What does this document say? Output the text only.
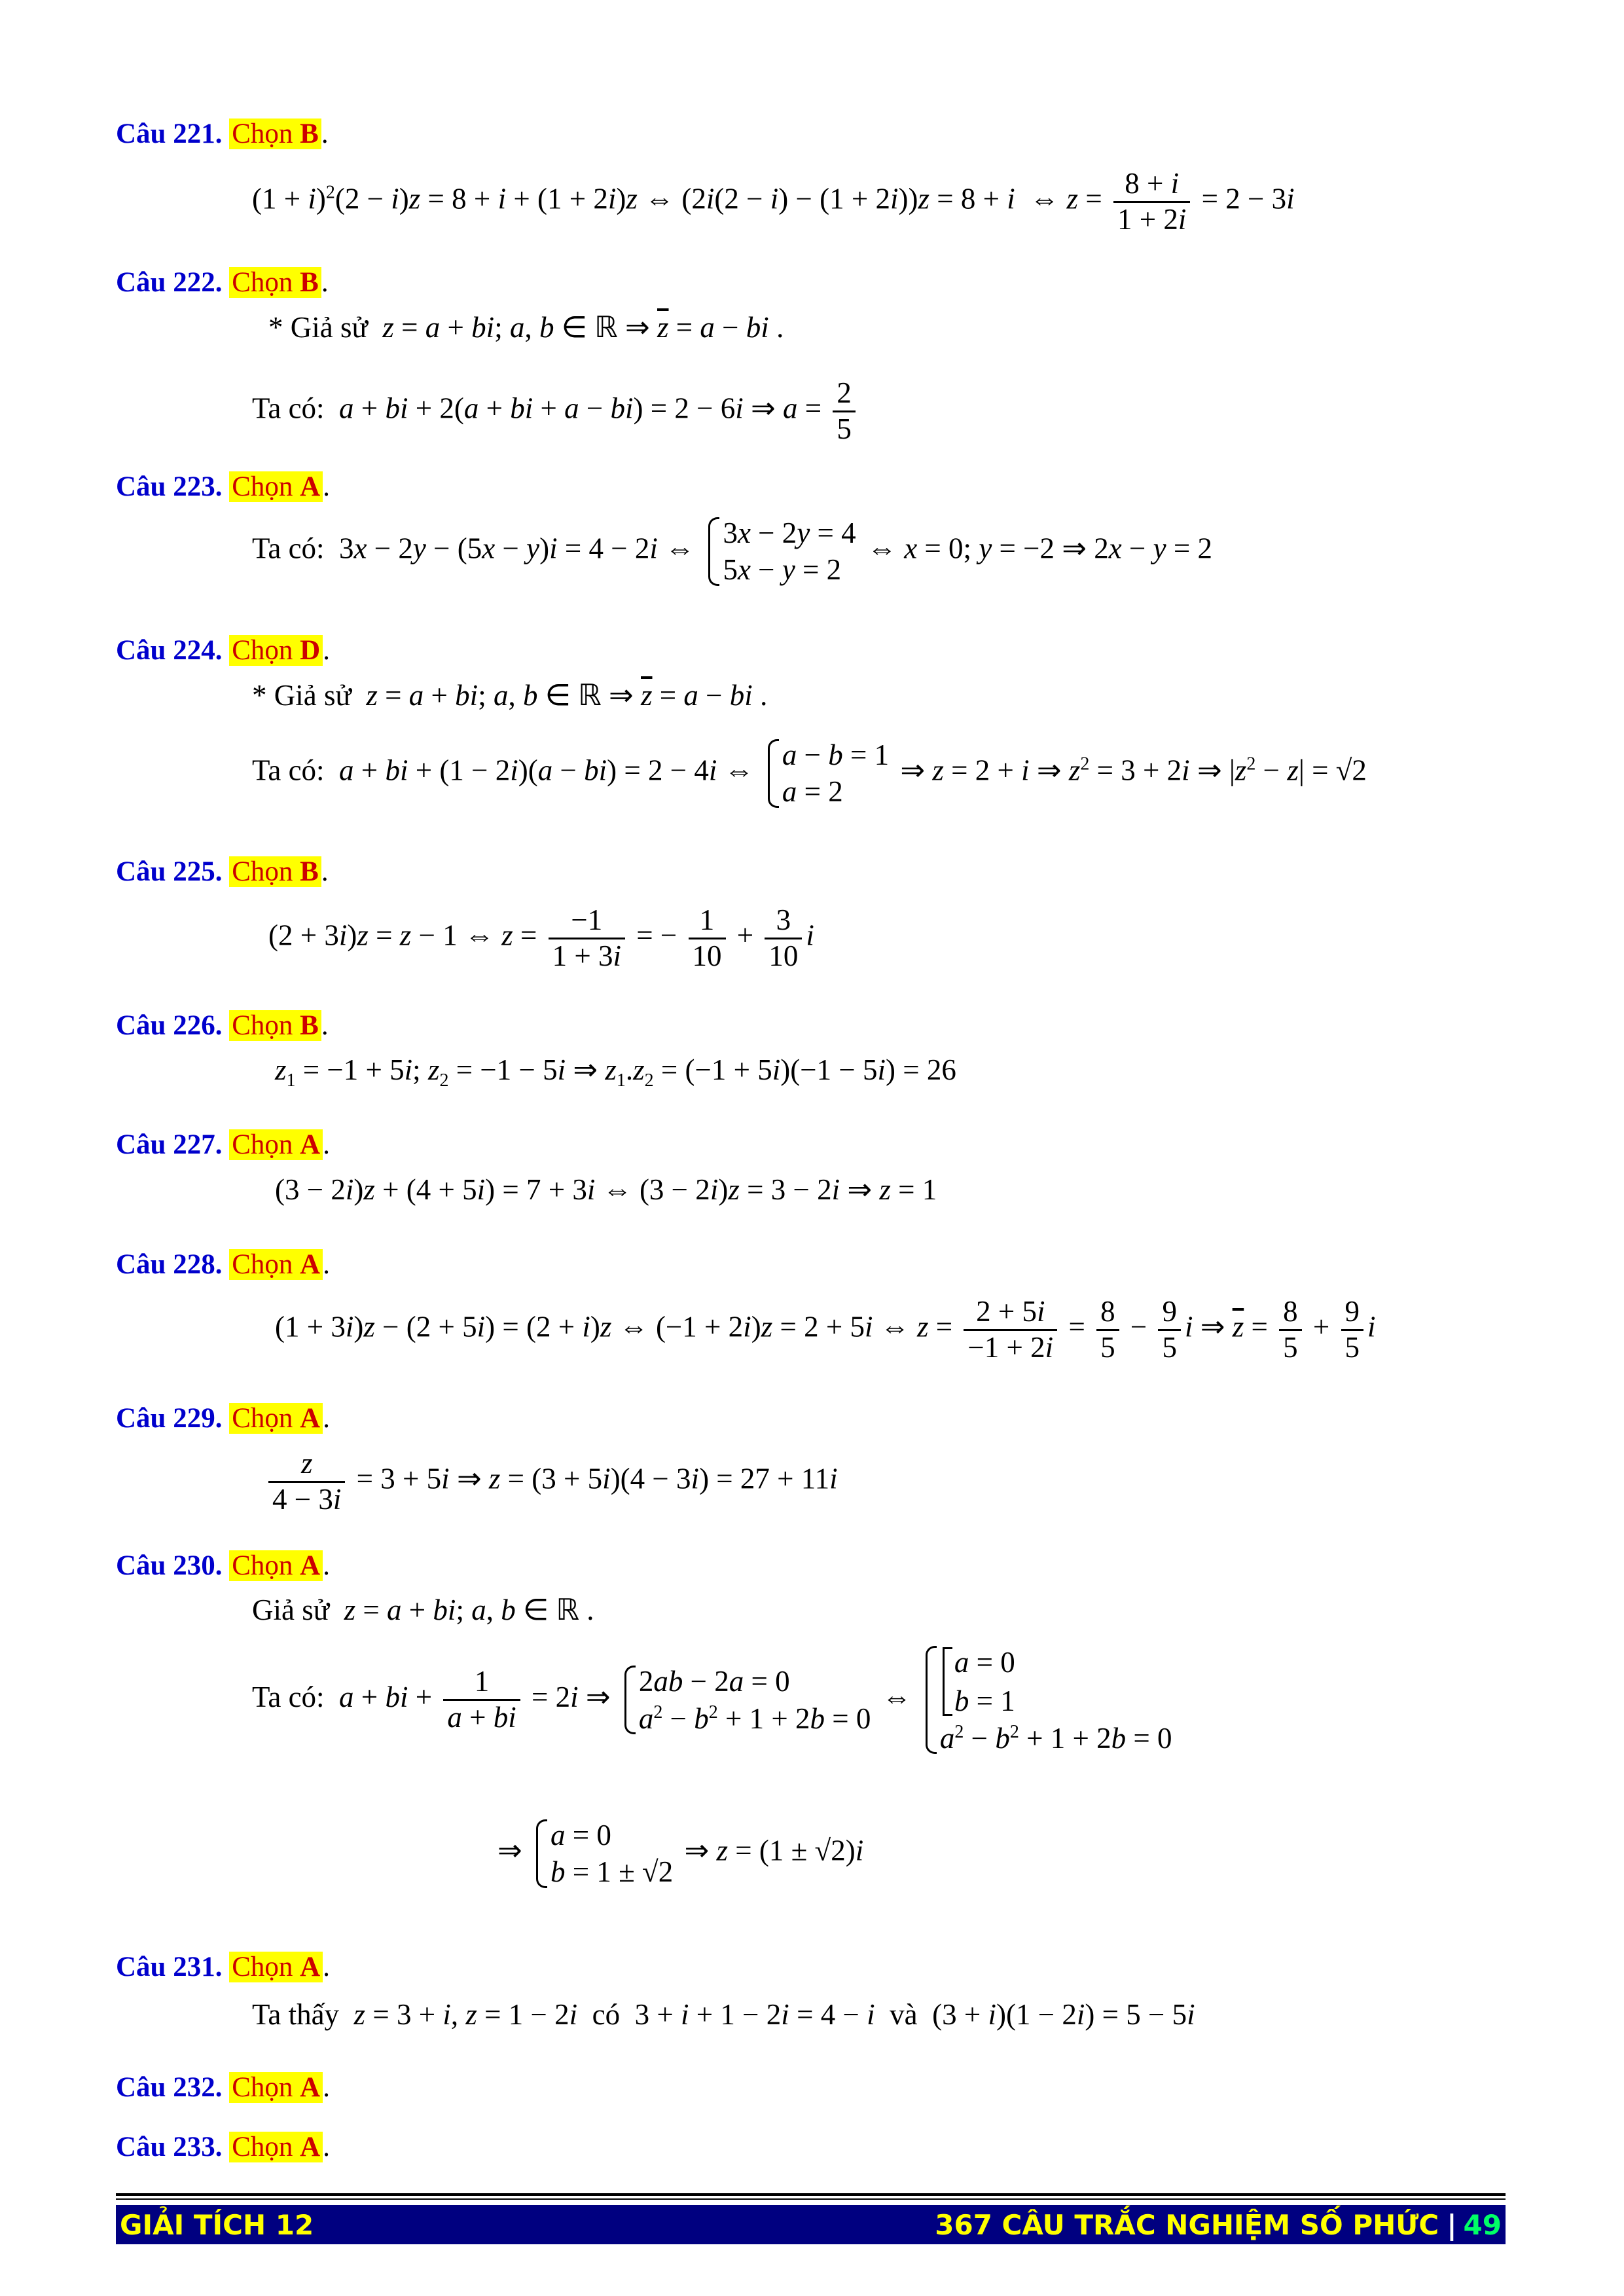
Câu 221. Chọn B.
$(1 + i)^2(2 - i)z = 8 + i + (1 + 2i)z$ ⇔ (2i(2 − i) − (1 + 2i))z = 8 + i  ⇔ $z = \frac{8 + i}{1 + 2i} = 2 - 3i$
Câu 222. Chọn B.
* Giả sử z = a + bi; a, b ∈ ℝ ⇒ $\overline{z} = a$ − bi .
Ta có: a + bi + 2(a + bi + a − bi) = 2 − 6i ⇒ $a = \frac{2}{5}$
Câu 223. Chọn A.
Ta có:  3x − 2y − (5x − y)i = 4 − 2i ⇔ 3x − 2y = 4
5x − y = 2
⇔ x = 0; y = −2 ⇒ 2x − y = 2
Câu 224. Chọn D.
* Giả sử z = a + bi; a, b ∈ ℝ ⇒ $\overline{z} = a$ − bi .
Ta có: a + bi + (1 − 2i)(a − bi) = 2 − 4i ⇔ a − b = 1
a = 2
⇒ z = 2 + i ⇒ $z^2 = 3 + 2i$ ⇒ $|z^2 - z| = √2$
Câu 225. Chọn B.
(2 + 3i)z = z − 1 ⇔ $z = \frac{-1}{1 + 3i}$ = − $\frac{1}{10} + \frac{3}{10}$ i
Câu 226. Chọn B.
$z_1 = -1 + 5i$; $z_2 = -1 - 5i$ ⇒ $z_1.z_2 = (-1 + 5i)(-1 - 5i) = 26$
Câu 227. Chọn A.
(3 − 2i)z + (4 + 5i) = 7 + 3i ⇔ (3 − 2i)z = 3 − 2i ⇒ z = 1
Câu 228. Chọn A.
(1 + 3i)z − (2 + 5i) = (2 + i)z ⇔ (−1 + 2i)z = 2 + 5i ⇔ $z = \frac{2 + 5i}{-1 + 2i} = \frac{8}{5} - \frac{9}{5}$ i ⇒ $\overline{z} = \frac{8}{5} + \frac{9}{5}$ i
Câu 229. Chọn A.
$\frac{z}{4 - 3i} = 3 + 5i$ ⇒ z = (3 + 5i)(4 − 3i) = 27 + 11i
Câu 230. Chọn A.
Giả sử z = a + bi; a, b ∈ ℝ .
Ta có: a + bi + $\frac{1}{a + bi} = 2i$ ⇒ 2ab − 2a = 0
$a^2 - b^2 + 1 + 2b = 0$
⇔
a = 0
b = 1
$a^2 - b^2 + 1 + 2b = 0$
⇒ a = 0
b = 1 ± √2
⇒ z = (1 ± √2)i
Câu 231. Chọn A.
Ta thấy z = 3 + i, z = 1 − 2i có  3 + i + 1 − 2i = 4 − i và  (3 + i)(1 − 2i) = 5 − 5i
Câu 232. Chọn A.
Câu 233. Chọn A.
GIẢI TÍCH 12	367 CÂU TRẮC NGHIỆM SỐ PHỨC | 49
